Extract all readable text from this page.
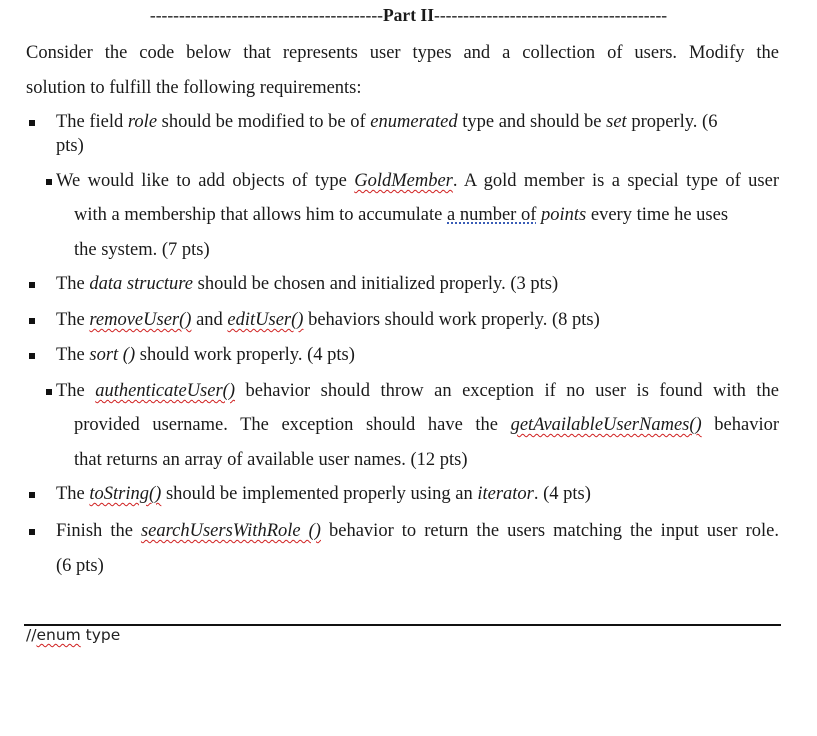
----------------------------------------Part II----------------------------------------
Consider the code below that represents user types and a collection of users. Modify the
solution to fulfill the following requirements:
The field role should be modified to be of enumerated type and should be set properly. (6
pts)
We would like to add objects of type GoldMember. A gold member is a special type of user
with a membership that allows him to accumulate a number of points every time he uses
the system. (7 pts)
The data structure should be chosen and initialized properly. (3 pts)
The removeUser() and editUser() behaviors should work properly. (8 pts)
The sort () should work properly. (4 pts)
The authenticateUser() behavior should throw an exception if no user is found with the
provided username. The exception should have the getAvailableUserNames() behavior
that returns an array of available user names. (12 pts)
The toString() should be implemented properly using an iterator. (4 pts)
Finish the searchUsersWithRole () behavior to return the users matching the input user role.
(6 pts)
//enum type
